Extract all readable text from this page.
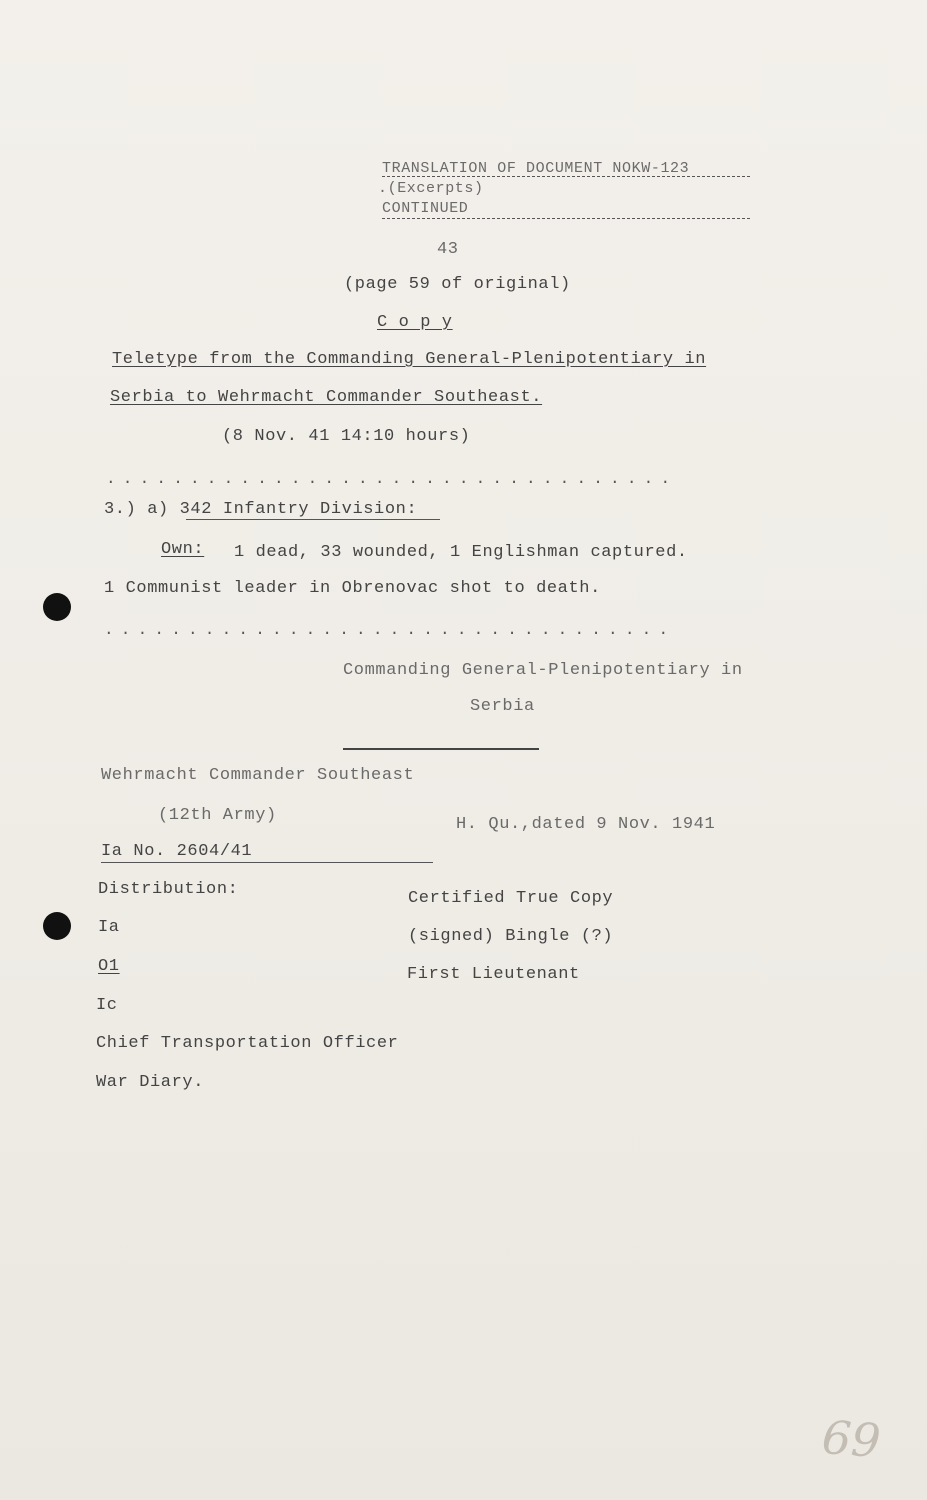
TRANSLATION OF DOCUMENT NOKW-123
.(Excerpts)
CONTINUED
43
(page 59 of original)
C o p y
Teletype from the Commanding General-Plenipotentiary in
Serbia to Wehrmacht Commander Southeast.
(8 Nov. 41 14:10 hours)
..................................
3.) a) 342 Infantry Division:
Own: 1 dead, 33 wounded, 1 Englishman captured.
1 Communist leader in Obrenovac shot to death.
..................................
Commanding General-Plenipotentiary in
Serbia
Wehrmacht Commander Southeast
(12th Army)	H. Qu.,dated 9 Nov. 1941
Ia No. 2604/41
Distribution:
Ia
O1
Ic
Chief Transportation Officer
War Diary.
Certified True Copy
(signed) Bingle (?)
First Lieutenant
69
